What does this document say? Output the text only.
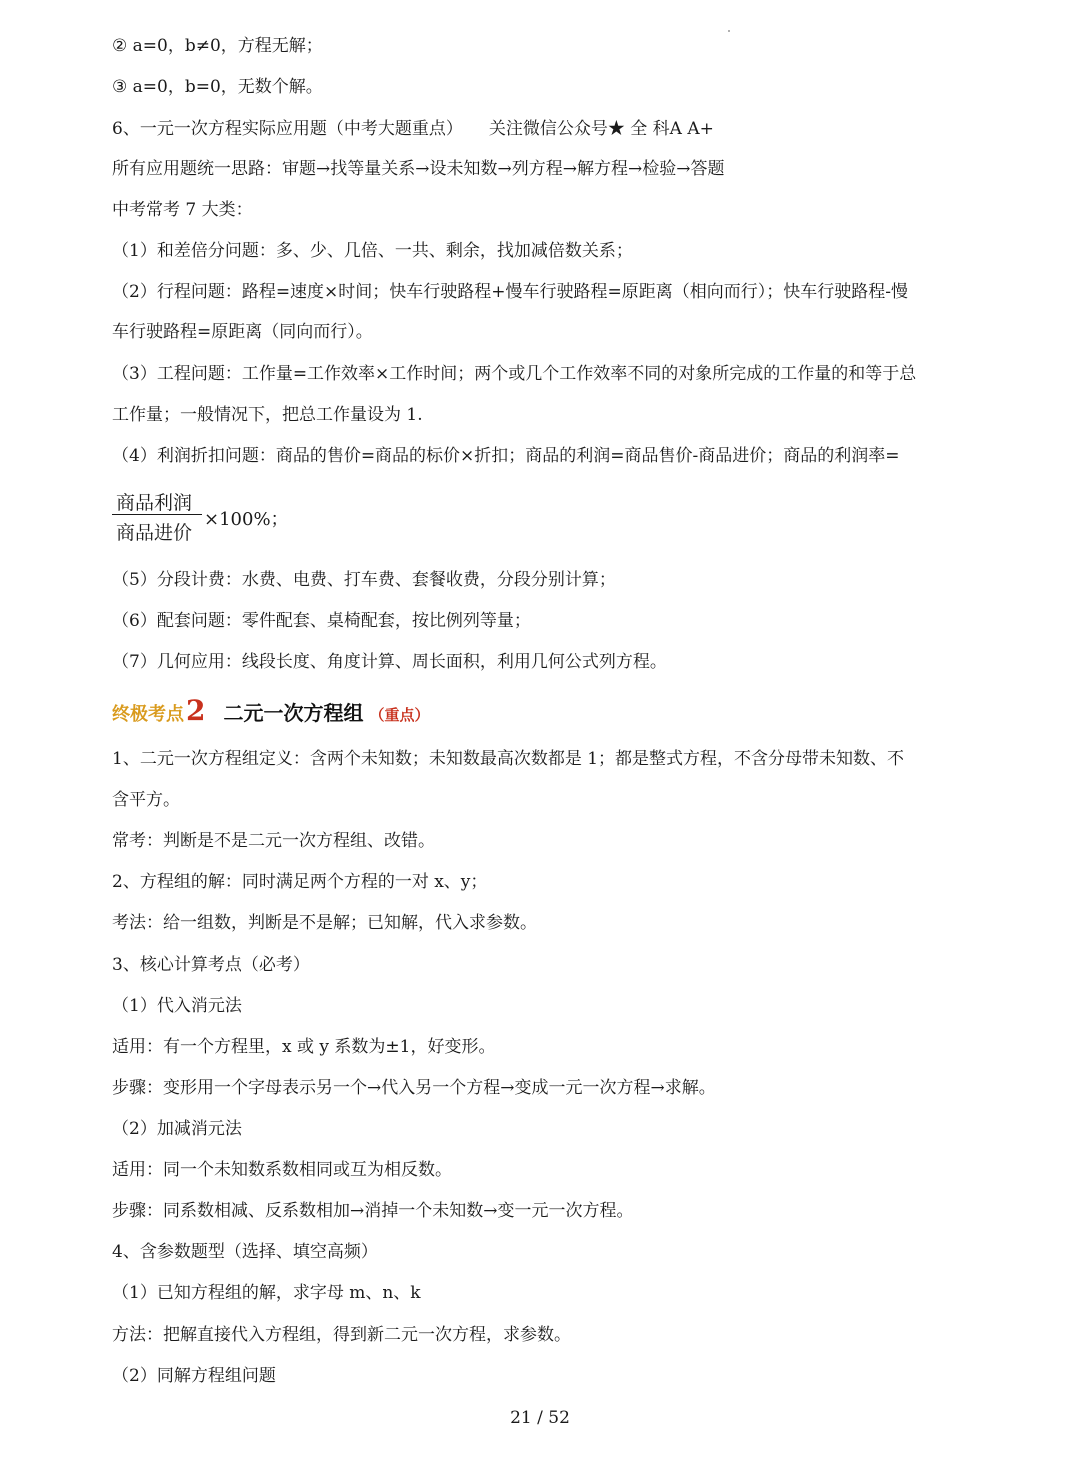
② a=0，b≠0，方程无解；
③ a=0，b=0，无数个解。
6、一元一次方程实际应用题（中考大题重点） 关注微信公众号★ 全 科A A+
所有应用题统一思路：审题→找等量关系→设未知数→列方程→解方程→检验→答题
中考常考 7 大类：
（1）和差倍分问题：多、少、几倍、一共、剩余，找加减倍数关系；
（2）行程问题：路程=速度×时间；快车行驶路程+慢车行驶路程=原距离（相向而行）；快车行驶路程-慢
车行驶路程=原距离（同向而行）。
（3）工程问题：工作量=工作效率×工作时间；两个或几个工作效率不同的对象所完成的工作量的和等于总
工作量；一般情况下，把总工作量设为 1.
（4）利润折扣问题：商品的售价=商品的标价×折扣；商品的利润=商品售价-商品进价；商品的利润率=
商品利润
商品进价
×100%；
（5）分段计费：水费、电费、打车费、套餐收费，分段分别计算；
（6）配套问题：零件配套、桌椅配套，按比例列等量；
（7）几何应用：线段长度、角度计算、周长面积，利用几何公式列方程。
终极考点2 二元一次方程组 （重点）
1、二元一次方程组定义：含两个未知数；未知数最高次数都是 1；都是整式方程，不含分母带未知数、不
含平方。
常考：判断是不是二元一次方程组、改错。
2、方程组的解：同时满足两个方程的一对 x、y；
考法：给一组数，判断是不是解；已知解，代入求参数。
3、核心计算考点（必考）
（1）代入消元法
适用：有一个方程里，x 或 y 系数为±1，好变形。
步骤：变形用一个字母表示另一个→代入另一个方程→变成一元一次方程→求解。
（2）加减消元法
适用：同一个未知数系数相同或互为相反数。
步骤：同系数相减、反系数相加→消掉一个未知数→变一元一次方程。
4、含参数题型（选择、填空高频）
（1）已知方程组的解，求字母 m、n、k
方法：把解直接代入方程组，得到新二元一次方程，求参数。
（2）同解方程组问题
21 / 52
